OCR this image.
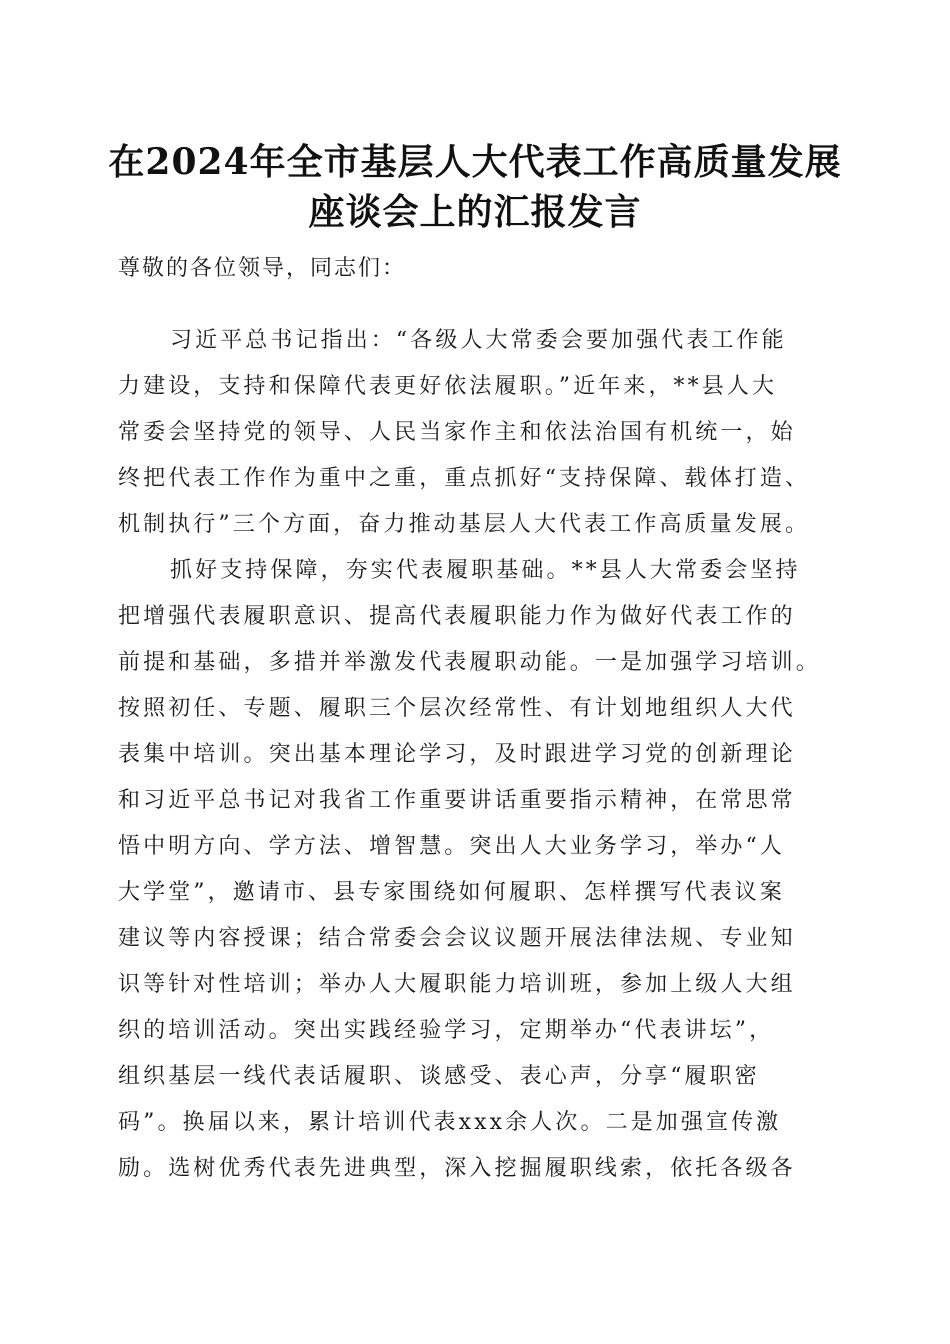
在2024年全市基层人大代表工作高质量发展
座谈会上的汇报发言

尊敬的各位领导，同志们：

习近平总书记指出：“各级人大常委会要加强代表工作能

力建设，支持和保障代表更好依法履职。”近年来，**县人大

常委会坚持党的领导、人民当家作主和依法治国有机统一，始

终把代表工作作为重中之重，重点抓好“支持保障、载体打造、

机制执行”三个方面，奋力推动基层人大代表工作高质量发展。

抓好支持保障，夯实代表履职基础。**县人大常委会坚持

把增强代表履职意识、提高代表履职能力作为做好代表工作的

前提和基础，多措并举激发代表履职动能。一是加强学习培训。

按照初任、专题、履职三个层次经常性、有计划地组织人大代

表集中培训。突出基本理论学习，及时跟进学习党的创新理论

和习近平总书记对我省工作重要讲话重要指示精神，在常思常

悟中明方向、学方法、增智慧。突出人大业务学习，举办“人

大学堂”，邀请市、县专家围绕如何履职、怎样撰写代表议案

建议等内容授课；结合常委会会议议题开展法律法规、专业知

识等针对性培训；举办人大履职能力培训班，参加上级人大组

织的培训活动。突出实践经验学习，定期举办“代表讲坛”，

组织基层一线代表话履职、谈感受、表心声，分享“履职密

码”。换届以来，累计培训代表xxx余人次。二是加强宣传激

励。选树优秀代表先进典型，深入挖掘履职线索，依托各级各
